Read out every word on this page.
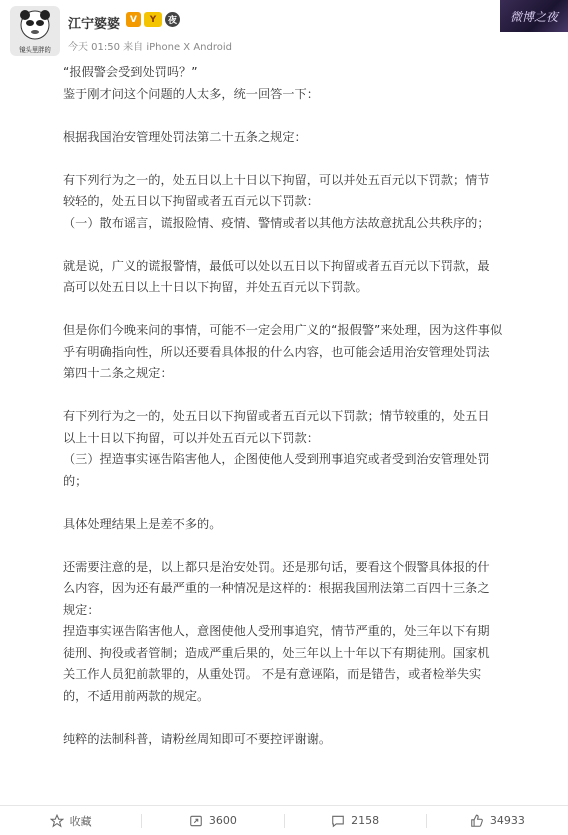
镜头里胖的
江宁婆婆	V	Y	夜
今天 01:50 来自 iPhone X Android
微博之夜

“报假警会受到处罚吗？”

鉴于刚才问这个问题的人太多，统一回答一下：

根据我国治安管理处罚法第二十五条之规定：

有下列行为之一的，处五日以上十日以下拘留，可以并处五百元以下罚款；情节

较轻的，处五日以下拘留或者五百元以下罚款：

（一）散布谣言，谎报险情、疫情、警情或者以其他方法故意扰乱公共秩序的；

就是说，广义的谎报警情，最低可以处以五日以下拘留或者五百元以下罚款，最

高可以处五日以上十日以下拘留，并处五百元以下罚款。

但是你们今晚来问的事情，可能不一定会用广义的“报假警”来处理，因为这件事似

乎有明确指向性，所以还要看具体报的什么内容，也可能会适用治安管理处罚法

第四十二条之规定：

有下列行为之一的，处五日以下拘留或者五百元以下罚款；情节较重的，处五日

以上十日以下拘留，可以并处五百元以下罚款：

（三）捏造事实诬告陷害他人，企图使他人受到刑事追究或者受到治安管理处罚

的；

具体处理结果上是差不多的。

还需要注意的是，以上都只是治安处罚。还是那句话，要看这个假警具体报的什

么内容，因为还有最严重的一种情况是这样的：根据我国刑法第二百四十三条之

规定：

捏造事实诬告陷害他人，意图使他人受刑事追究，情节严重的，处三年以下有期

徒刑、拘役或者管制；造成严重后果的，处三年以上十年以下有期徒刑。国家机

关工作人员犯前款罪的，从重处罚。 不是有意诬陷，而是错告，或者检举失实

的，不适用前两款的规定。

纯粹的法制科普，请粉丝周知即可不要控评谢谢。

收藏	3600	2158	34933
